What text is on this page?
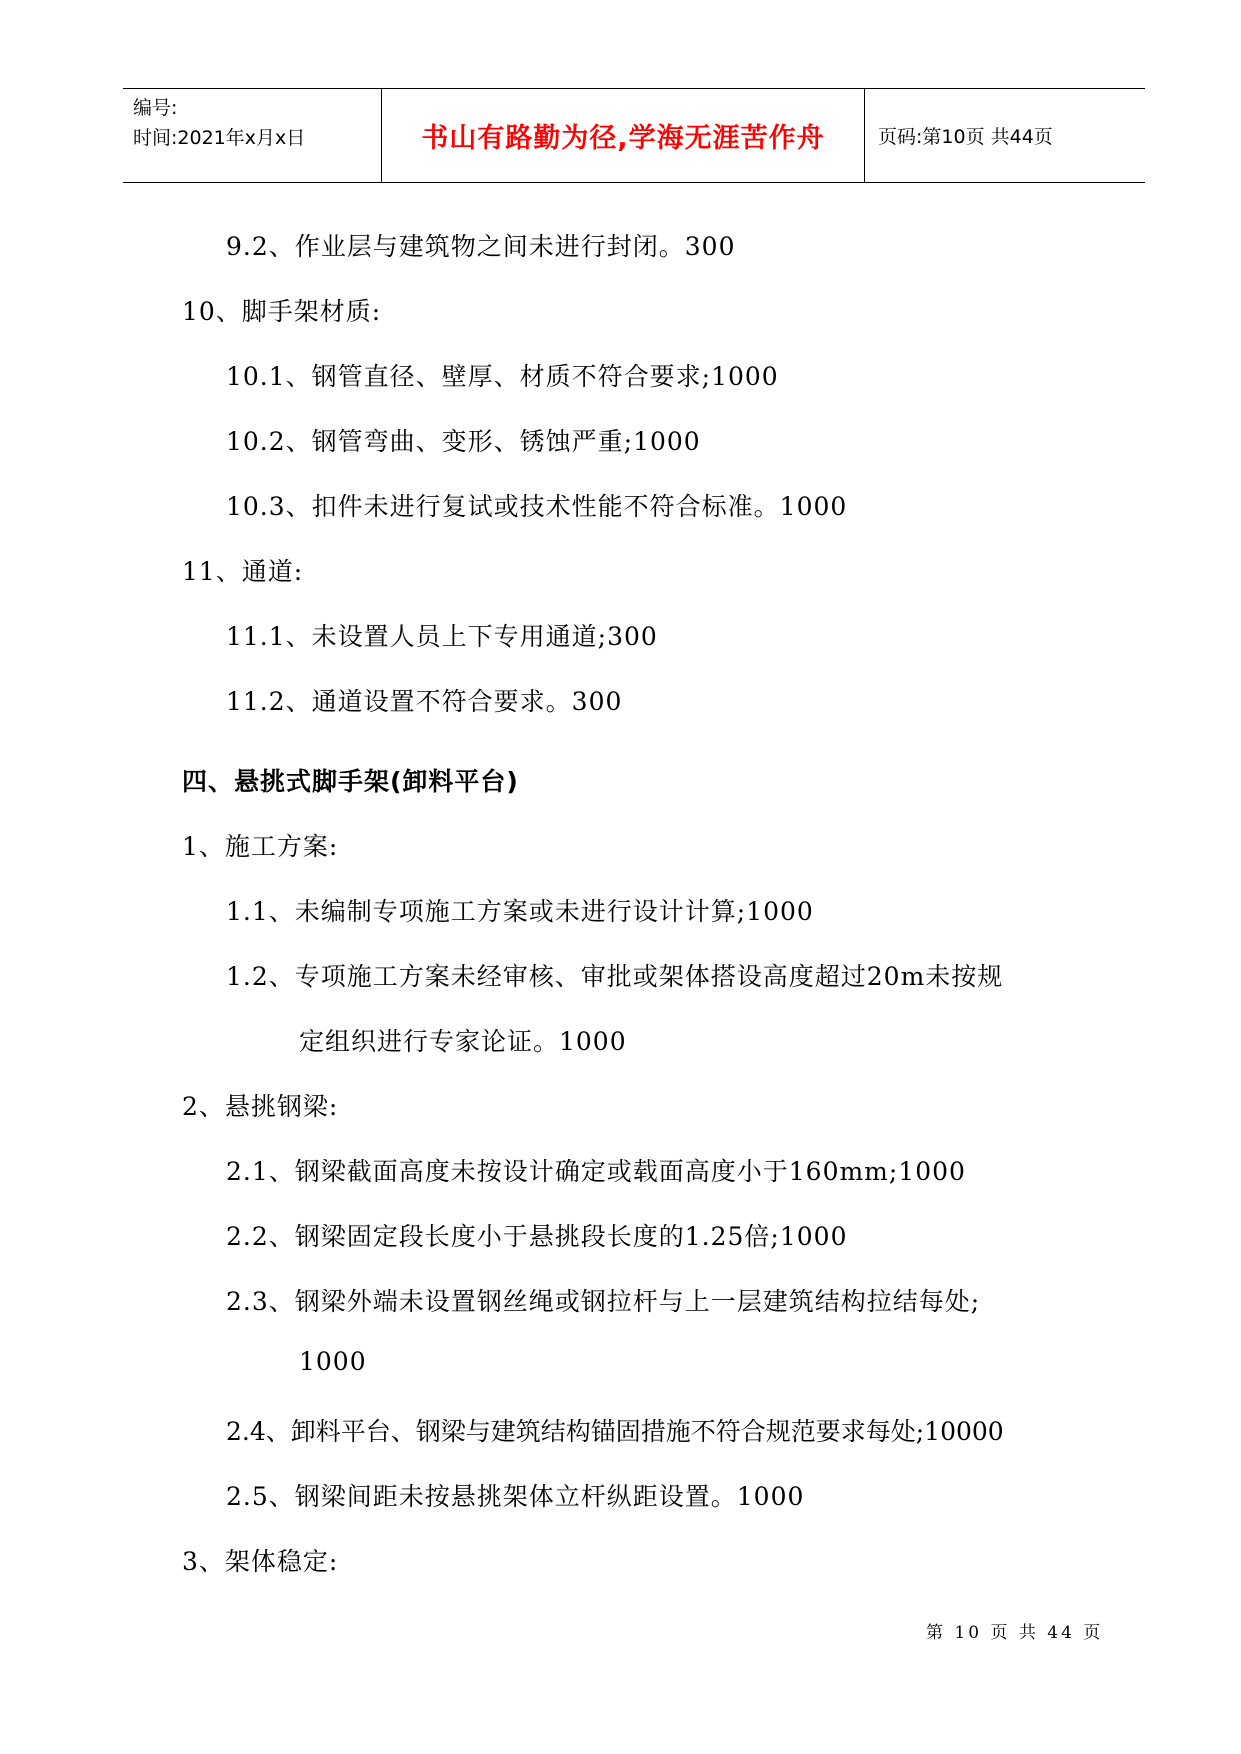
编号:
时间:2021年x月x日	书山有路勤为径,学海无涯苦作舟	页码:第10页 共44页
9.2、作业层与建筑物之间未进行封闭。300
10、脚手架材质:
10.1、钢管直径、壁厚、材质不符合要求;1000
10.2、钢管弯曲、变形、锈蚀严重;1000
10.3、扣件未进行复试或技术性能不符合标准。1000
11、通道:
11.1、未设置人员上下专用通道;300
11.2、通道设置不符合要求。300
四、悬挑式脚手架(卸料平台)
1、施工方案:
1.1、未编制专项施工方案或未进行设计计算;1000
1.2、专项施工方案未经审核、审批或架体搭设高度超过20m未按规
定组织进行专家论证。1000
2、悬挑钢梁:
2.1、钢梁截面高度未按设计确定或载面高度小于160mm;1000
2.2、钢梁固定段长度小于悬挑段长度的1.25倍;1000
2.3、钢梁外端未设置钢丝绳或钢拉杆与上一层建筑结构拉结每处;
1000
2.4、卸料平台、钢梁与建筑结构锚固措施不符合规范要求每处;10000
2.5、钢梁间距未按悬挑架体立杆纵距设置。1000
3、架体稳定:
第 10 页 共 44 页
